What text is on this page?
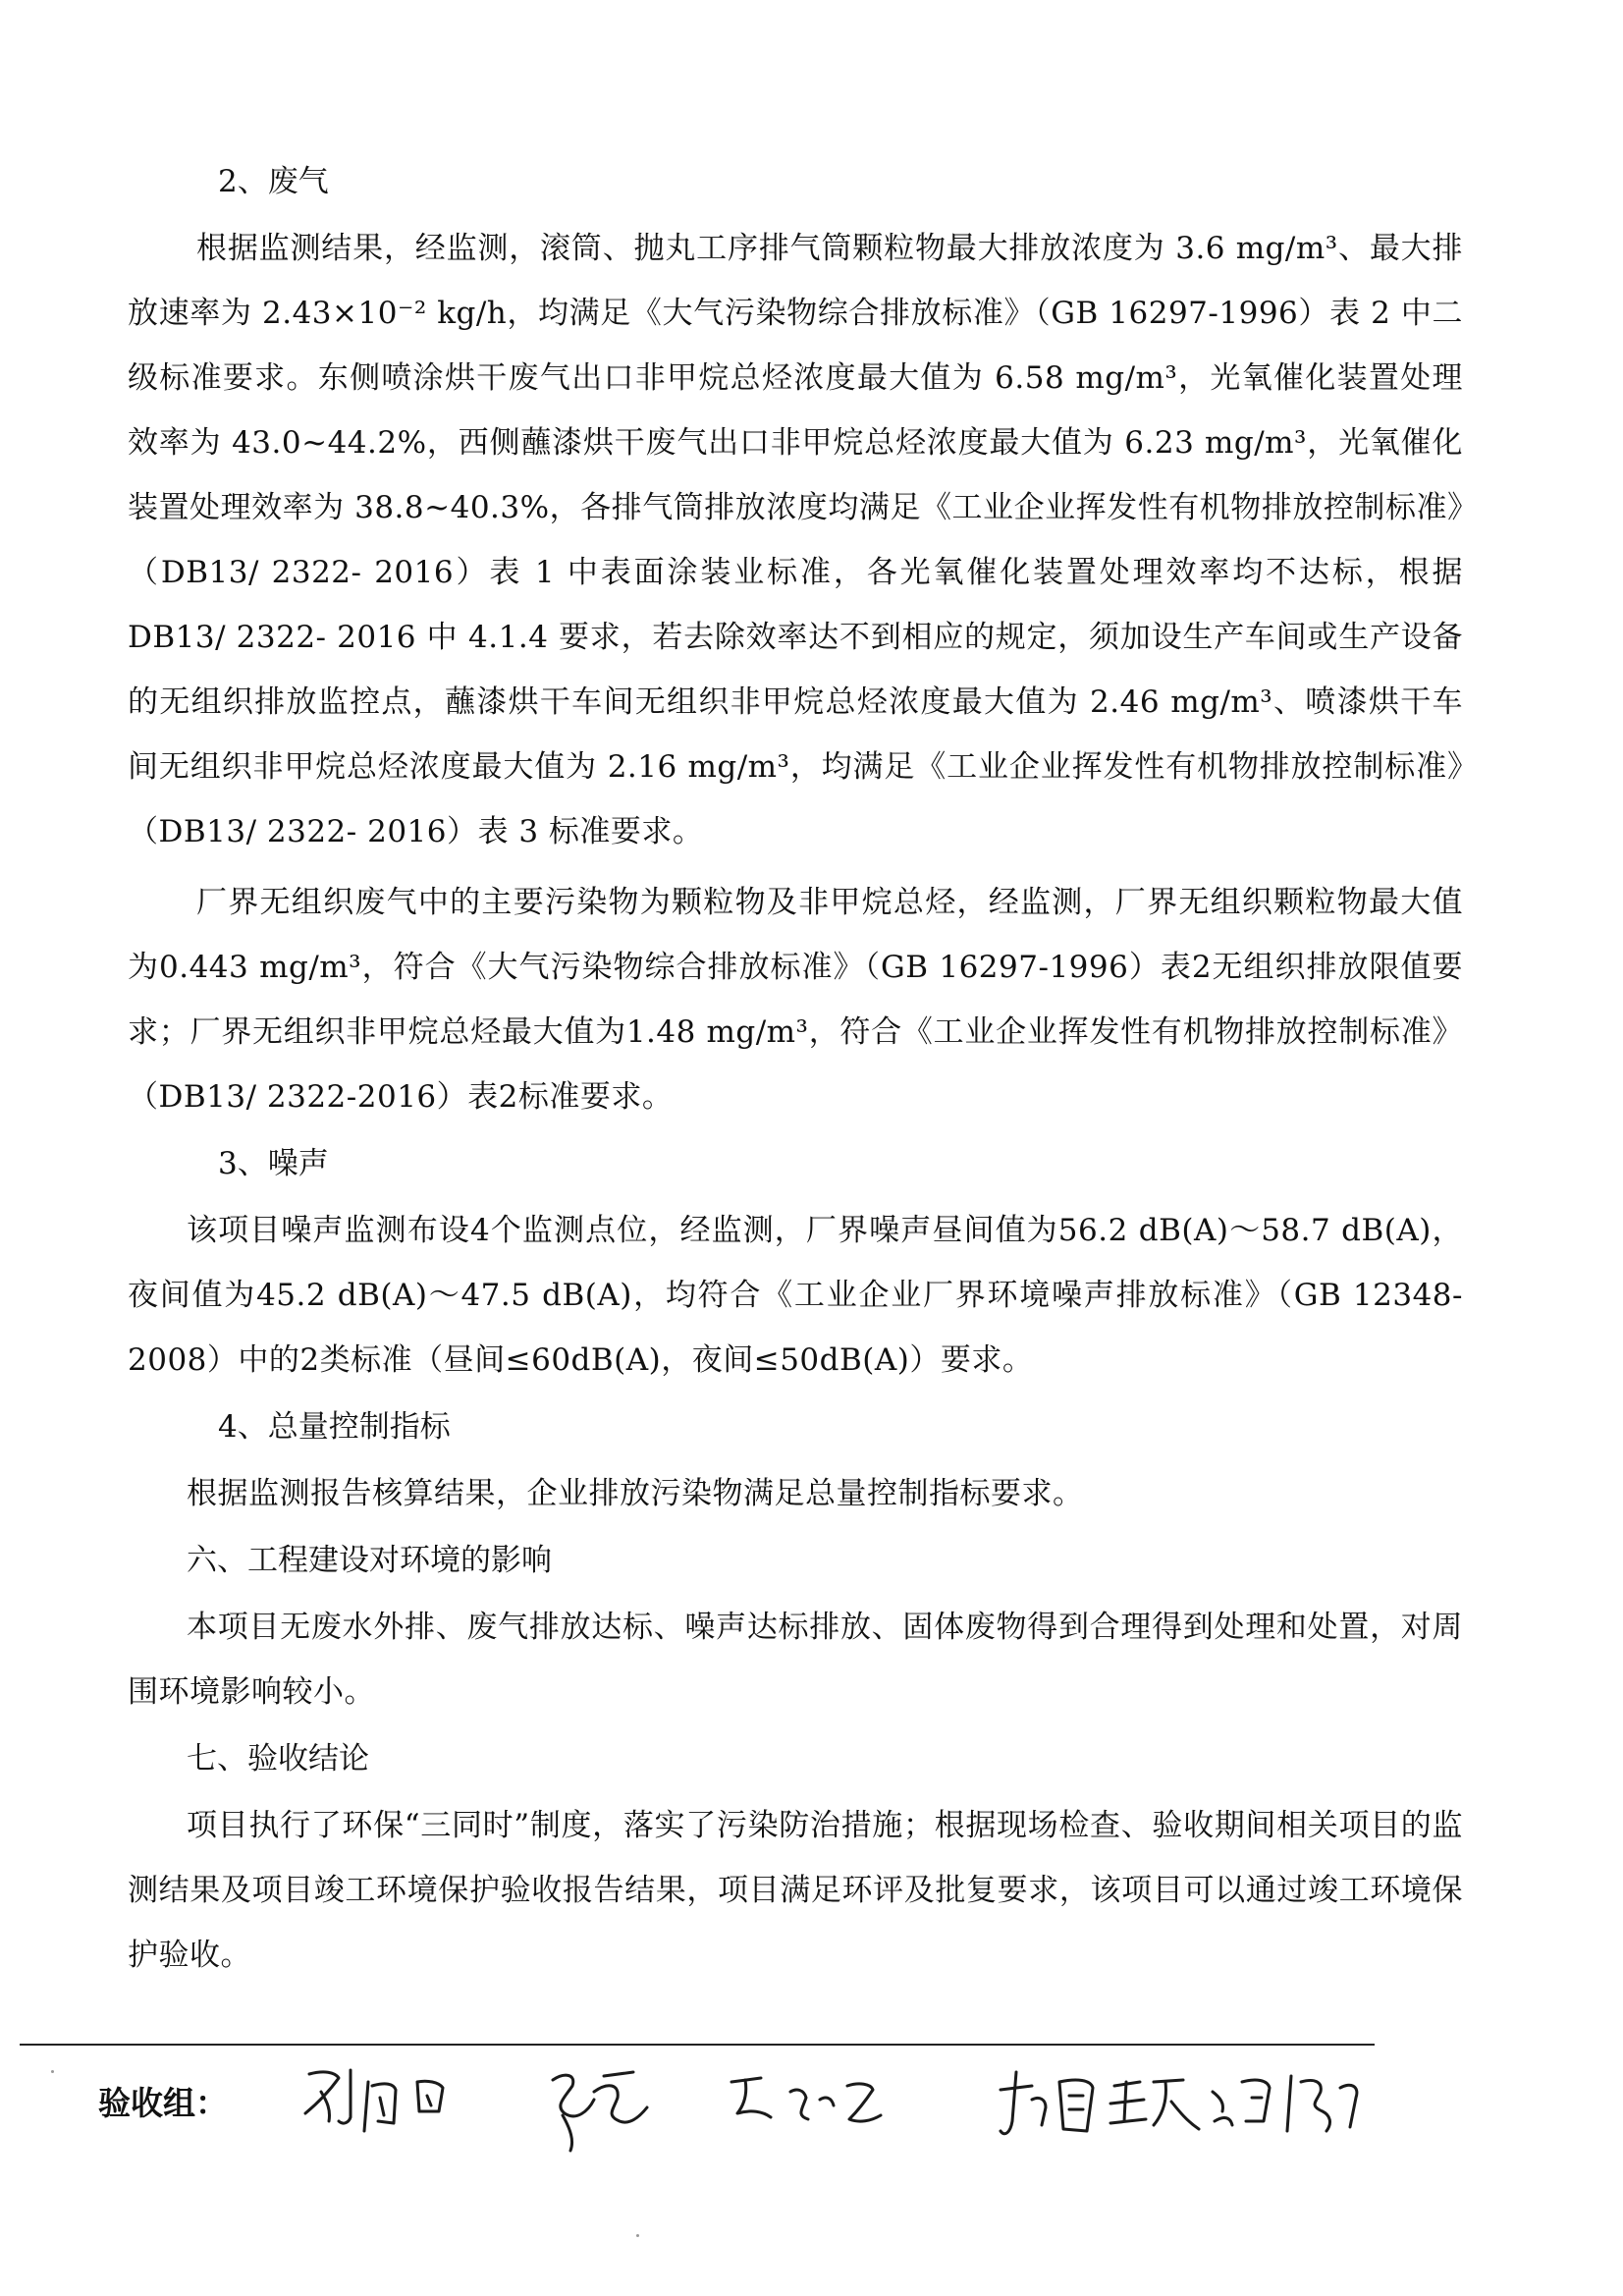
2、废气

根据监测结果，经监测，滚筒、抛丸工序排气筒颗粒物最大排放浓度为 3.6 mg/m³、最大排放速率为 2.43×10⁻² kg/h，均满足《大气污染物综合排放标准》（GB 16297-1996）表 2 中二级标准要求。东侧喷涂烘干废气出口非甲烷总烃浓度最大值为 6.58 mg/m³，光氧催化装置处理效率为 43.0~44.2%，西侧蘸漆烘干废气出口非甲烷总烃浓度最大值为 6.23 mg/m³，光氧催化装置处理效率为 38.8~40.3%，各排气筒排放浓度均满足《工业企业挥发性有机物排放控制标准》（DB13/ 2322- 2016）表 1 中表面涂装业标准，各光氧催化装置处理效率均不达标，根据 DB13/ 2322- 2016 中 4.1.4 要求，若去除效率达不到相应的规定，须加设生产车间或生产设备的无组织排放监控点，蘸漆烘干车间无组织非甲烷总烃浓度最大值为 2.46 mg/m³、喷漆烘干车间无组织非甲烷总烃浓度最大值为 2.16 mg/m³，均满足《工业企业挥发性有机物排放控制标准》（DB13/ 2322- 2016）表 3 标准要求。

厂界无组织废气中的主要污染物为颗粒物及非甲烷总烃，经监测，厂界无组织颗粒物最大值为0.443 mg/m³，符合《大气污染物综合排放标准》（GB 16297-1996）表2无组织排放限值要求；厂界无组织非甲烷总烃最大值为1.48 mg/m³，符合《工业企业挥发性有机物排放控制标准》（DB13/ 2322-2016）表2标准要求。

3、噪声

该项目噪声监测布设4个监测点位，经监测，厂界噪声昼间值为56.2 dB(A)～58.7 dB(A)，夜间值为45.2 dB(A)～47.5 dB(A)，均符合《工业企业厂界环境噪声排放标准》（GB 12348-2008）中的2类标准（昼间≤60dB(A)，夜间≤50dB(A)）要求。

4、总量控制指标

根据监测报告核算结果，企业排放污染物满足总量控制指标要求。

六、工程建设对环境的影响

本项目无废水外排、废气排放达标、噪声达标排放、固体废物得到合理得到处理和处置，对周围环境影响较小。

七、验收结论

项目执行了环保“三同时”制度，落实了污染防治措施；根据现场检查、验收期间相关项目的监测结果及项目竣工环境保护验收报告结果，项目满足环评及批复要求，该项目可以通过竣工环境保护验收。

验收组：
